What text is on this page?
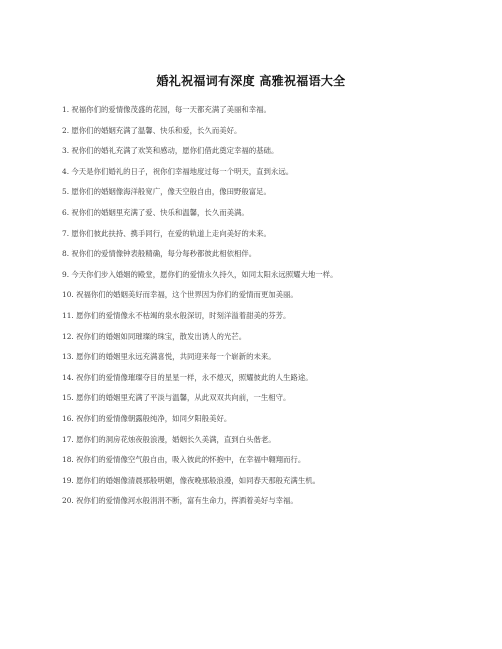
婚礼祝福词有深度 高雅祝福语大全
1. 祝福你们的爱情像茂盛的花园，每一天都充满了美丽和幸福。
2. 愿你们的婚姻充满了温馨、快乐和爱，长久而美好。
3. 祝你们的婚礼充满了欢笑和感动，愿你们借此奠定幸福的基础。
4. 今天是你们婚礼的日子，祝你们幸福地度过每一个明天，直到永远。
5. 愿你们的婚姻像海洋般宽广，像天空般自由，像田野般富足。
6. 祝你们的婚姻里充满了爱、快乐和温馨，长久而美满。
7. 愿你们彼此扶持、携手同行，在爱的轨道上走向美好的未来。
8. 祝你们的爱情像钟表般精确，每分每秒都彼此相依相伴。
9. 今天你们步入婚姻的殿堂，愿你们的爱情永久持久，如同太阳永远照耀大地一样。
10. 祝福你们的婚姻美好而幸福，这个世界因为你们的爱情而更加美丽。
11. 愿你们的爱情像永不枯竭的泉水般深切，时刻洋溢着甜美的芬芳。
12. 祝你们的婚姻如同璀璨的珠宝，散发出诱人的光芒。
13. 愿你们的婚姻里永远充满喜悦，共同迎来每一个崭新的未来。
14. 祝你们的爱情像璀璨夺目的星星一样，永不熄灭，照耀彼此的人生路途。
15. 愿你们的婚姻里充满了平淡与温馨，从此双双共向前，一生相守。
16. 祝你们的爱情像朝露般纯净，如同夕阳般美好。
17. 愿你们的洞房花烛夜般浪漫，婚姻长久美满，直到白头偕老。
18. 祝你们的爱情像空气般自由，吸入彼此的怀抱中，在幸福中翱翔而行。
19. 愿你们的婚姻像清晨那般明媚，像夜晚那般浪漫，如同春天那般充满生机。
20. 祝你们的爱情像河水般涓涓不断，富有生命力，挥洒着美好与幸福。
